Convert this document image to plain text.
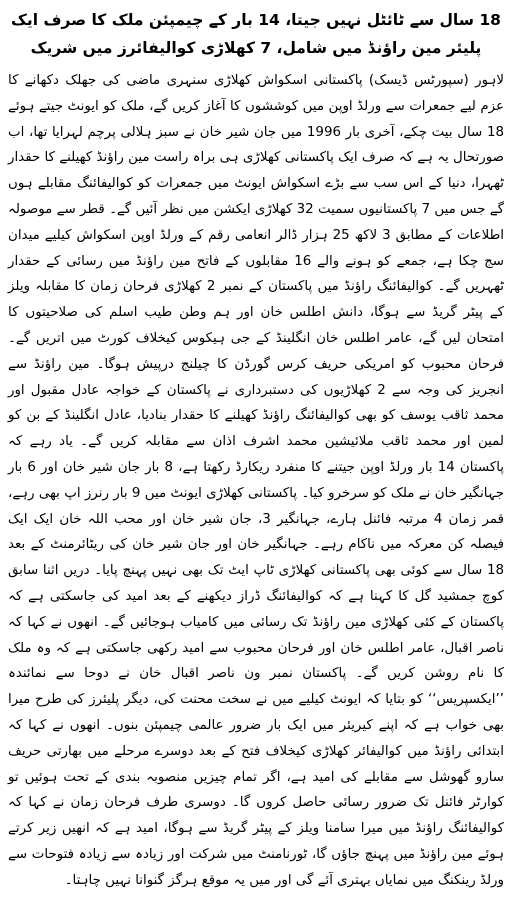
18 سال سے ٹائٹل نہیں جیتا، 14 بار کے چیمپئن ملک کا صرف ایک پلیئر مین راؤنڈ میں شامل، 7 کھلاڑی کوالیفائرز میں شریک

لاہور (سپورٹس ڈیسک) پاکستانی اسکواش کھلاڑی سنہری ماضی کی جھلک دکھانے کا عزم لیے جمعرات سے ورلڈ اوپن میں کوششوں کا آغاز کریں گے، ملک کو ایونٹ جیتے ہوئے 18 سال بیت چکے، آخری بار 1996 میں جان شیر خان نے سبز ہلالی پرچم لہرایا تھا، اب صورتحال یہ ہے کہ صرف ایک پاکستانی کھلاڑی ہی براہ راست مین راؤنڈ کھیلنے کا حقدار ٹھہرا، دنیا کے اس سب سے بڑے اسکواش ایونٹ میں جمعرات کو کوالیفائنگ مقابلے ہوں گے جس میں 7 پاکستانیوں سمیت 32 کھلاڑی ایکشن میں نظر آئیں گے۔ قطر سے موصولہ اطلاعات کے مطابق 3 لاکھ 25 ہزار ڈالر انعامی رقم کے ورلڈ اوپن اسکواش کیلیے میدان سج چکا ہے، جمعے کو ہونے والے 16 مقابلوں کے فاتح مین راؤنڈ میں رسائی کے حقدار ٹھہریں گے۔ کوالیفائنگ راؤنڈ میں پاکستان کے نمبر 2 کھلاڑی فرحان زمان کا مقابلہ ویلز کے پیٹر گریڈ سے ہوگا، دانش اطلس خان اور ہم وطن طیب اسلم کی صلاحیتوں کا امتحان لیں گے، عامر اطلس خان انگلینڈ کے جی ہیکوس کیخلاف کورٹ میں اتریں گے۔ فرحان محبوب کو امریکی حریف کرس گورڈن کا چیلنج درپیش ہوگا۔ مین راؤنڈ سے انجریز کی وجہ سے 2 کھلاڑیوں کی دستبرداری نے پاکستان کے خواجہ عادل مقبول اور محمد ثاقب یوسف کو بھی کوالیفائنگ راؤنڈ کھیلنے کا حقدار بنادیا، عادل انگلینڈ کے بن کو لمین اور محمد ثاقب ملائیشین محمد اشرف اذان سے مقابلہ کریں گے۔ یاد رہے کہ پاکستان 14 بار ورلڈ اوپن جیتنے کا منفرد ریکارڈ رکھتا ہے، 8 بار جان شیر خان اور 6 بار جہانگیر خان نے ملک کو سرخرو کیا۔ پاکستانی کھلاڑی ایونٹ میں 9 بار رنرز اپ بھی رہے، قمر زمان 4 مرتبہ فائنل ہارے، جہانگیر 3، جان شیر خان اور محب اللہ خان ایک ایک فیصلہ کن معرکہ میں ناکام رہے۔ جہانگیر خان اور جان شیر خان کی ریٹائرمنٹ کے بعد 18 سال سے کوئی بھی پاکستانی کھلاڑی ٹاپ ایٹ تک بھی نہیں پہنچ پایا۔ دریں اثنا سابق کوچ جمشید گل کا کہنا ہے کہ کوالیفائنگ ڈراز دیکھنے کے بعد امید کی جاسکتی ہے کہ پاکستان کے کئی کھلاڑی مین راؤنڈ تک رسائی میں کامیاب ہوجائیں گے۔ انھوں نے کہا کہ ناصر اقبال، عامر اطلس خان اور فرحان محبوب سے امید رکھی جاسکتی ہے کہ وہ ملک کا نام روشن کریں گے۔ پاکستان نمبر ون ناصر اقبال خان نے دوحا سے نمائندہ ’’ایکسپریس‘‘ کو بتایا کہ ایونٹ کیلیے میں نے سخت محنت کی، دیگر پلیئرز کی طرح میرا بھی خواب ہے کہ اپنے کیریئر میں ایک بار ضرور عالمی چیمپئن بنوں۔ انھوں نے کہا کہ ابتدائی راؤنڈ میں کوالیفائر کھلاڑی کیخلاف فتح کے بعد دوسرے مرحلے میں بھارتی حریف سارو گھوشل سے مقابلے کی امید ہے، اگر تمام چیزیں منصوبہ بندی کے تحت ہوئیں تو کوارٹر فائنل تک ضرور رسائی حاصل کروں گا۔ دوسری طرف فرحان زمان نے کہا کہ کوالیفائنگ راؤنڈ میں میرا سامنا ویلز کے پیٹر گریڈ سے ہوگا، امید ہے کہ انھیں زیر کرتے ہوئے مین راؤنڈ میں پہنچ جاؤں گا، ٹورنامنٹ میں شرکت اور زیادہ سے زیادہ فتوحات سے ورلڈ رینکنگ میں نمایاں بہتری آئے گی اور میں یہ موقع ہرگز گنوانا نہیں چاہتا۔
